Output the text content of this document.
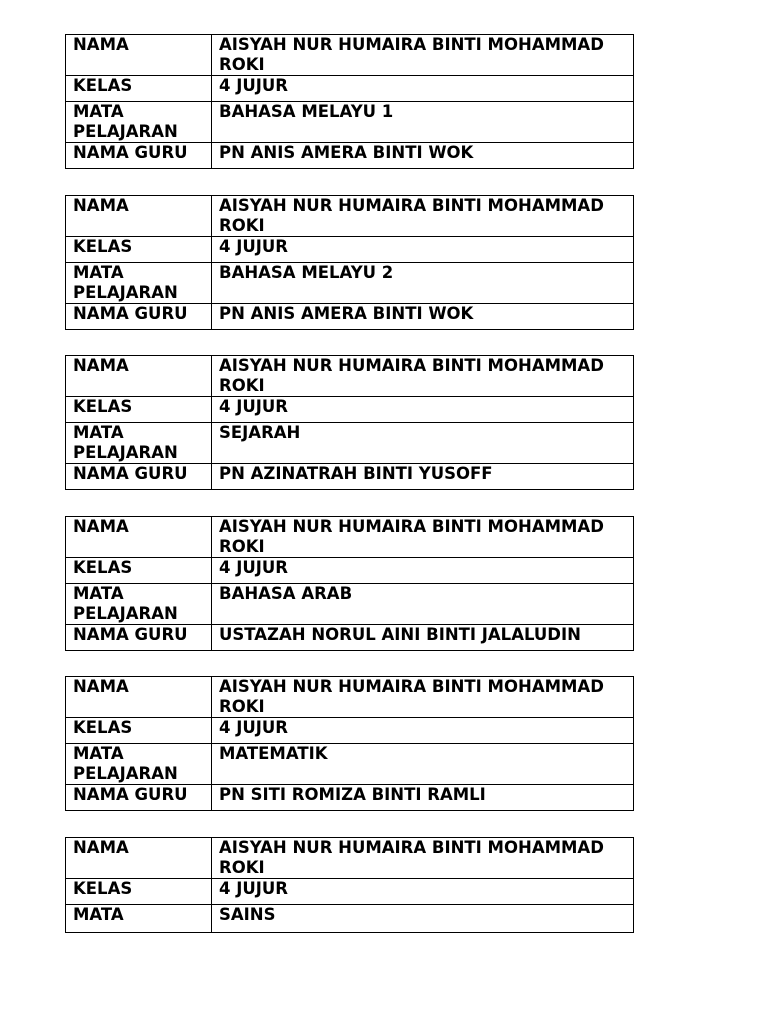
NAMA	AISYAH NUR HUMAIRA BINTI MOHAMMAD ROKI
KELAS	4 JUJUR
MATA PELAJARAN	BAHASA MELAYU 1
NAMA GURU	PN ANIS AMERA BINTI WOK
NAMA	AISYAH NUR HUMAIRA BINTI MOHAMMAD ROKI
KELAS	4 JUJUR
MATA PELAJARAN	BAHASA MELAYU 2
NAMA GURU	PN ANIS AMERA BINTI WOK
NAMA	AISYAH NUR HUMAIRA BINTI MOHAMMAD ROKI
KELAS	4 JUJUR
MATA PELAJARAN	SEJARAH
NAMA GURU	PN AZINATRAH BINTI YUSOFF
NAMA	AISYAH NUR HUMAIRA BINTI MOHAMMAD ROKI
KELAS	4 JUJUR
MATA PELAJARAN	BAHASA ARAB
NAMA GURU	USTAZAH NORUL AINI BINTI JALALUDIN
NAMA	AISYAH NUR HUMAIRA BINTI MOHAMMAD ROKI
KELAS	4 JUJUR
MATA PELAJARAN	MATEMATIK
NAMA GURU	PN SITI ROMIZA BINTI RAMLI
NAMA	AISYAH NUR HUMAIRA BINTI MOHAMMAD ROKI
KELAS	4 JUJUR
MATA	SAINS
